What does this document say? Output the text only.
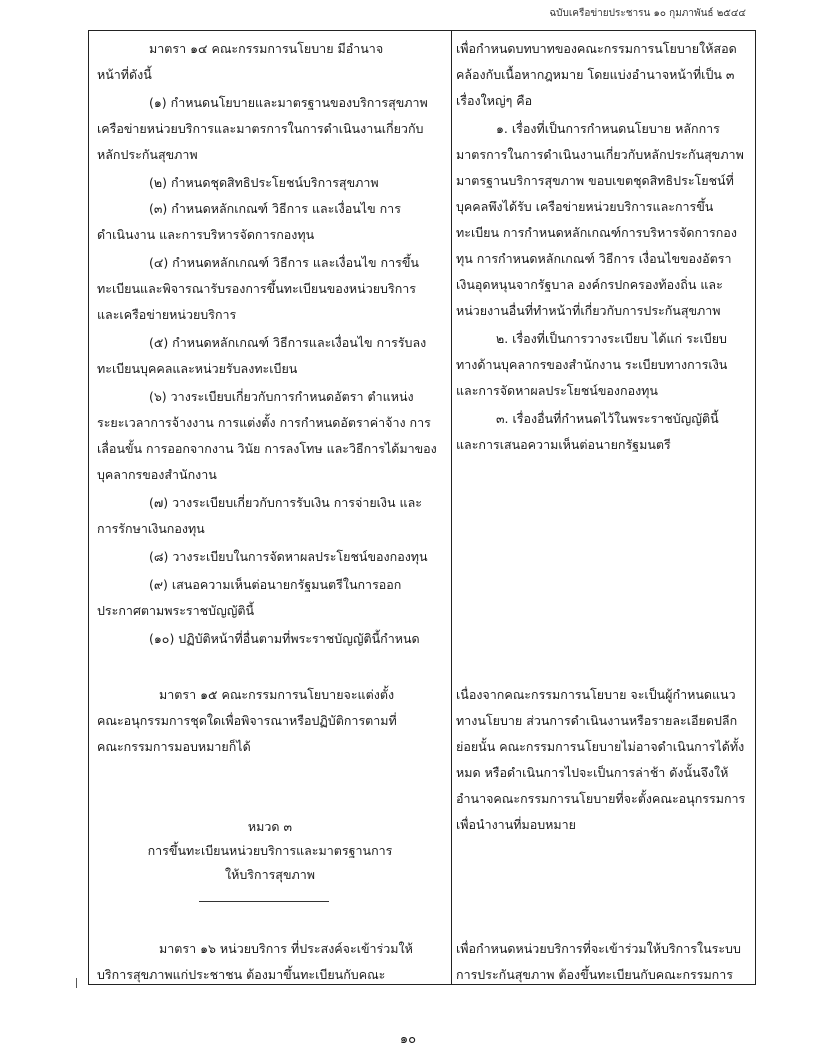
ฉบับเครือข่ายประชารน ๑๐ กุมภาพันธ์ ๒๕๔๔
มาตรา ๑๔ คณะกรรมการนโยบาย มีอำนาจ
หน้าที่ดังนี้
(๑) กำหนดนโยบายและมาตรฐานของบริการสุขภาพ
เครือข่ายหน่วยบริการและมาตรการในการดำเนินงานเกี่ยวกับ
หลักประกันสุขภาพ
(๒) กำหนดชุดสิทธิประโยชน์บริการสุขภาพ
(๓) กำหนดหลักเกณฑ์ วิธีการ และเงื่อนไข การ
ดำเนินงาน และการบริหารจัดการกองทุน
(๔) กำหนดหลักเกณฑ์ วิธีการ และเงื่อนไข การขึ้น
ทะเบียนและพิจารณารับรองการขึ้นทะเบียนของหน่วยบริการ
และเครือข่ายหน่วยบริการ
(๕) กำหนดหลักเกณฑ์ วิธีการและเงื่อนไข การรับลง
ทะเบียนบุคคลและหน่วยรับลงทะเบียน
(๖) วางระเบียบเกี่ยวกับการกำหนดอัตรา ตำแหน่ง
ระยะเวลาการจ้างงาน การแต่งตั้ง การกำหนดอัตราค่าจ้าง การ
เลื่อนขั้น การออกจากงาน วินัย การลงโทษ และวิธีการได้มาของ
บุคลากรของสำนักงาน
(๗) วางระเบียบเกี่ยวกับการรับเงิน การจ่ายเงิน และ
การรักษาเงินกองทุน
(๘) วางระเบียบในการจัดหาผลประโยชน์ของกองทุน
(๙) เสนอความเห็นต่อนายกรัฐมนตรีในการออก
ประกาศตามพระราชบัญญัตินี้
(๑๐) ปฏิบัติหน้าที่อื่นตามที่พระราชบัญญัตินี้กำหนด
มาตรา ๑๕ คณะกรรมการนโยบายจะแต่งตั้ง
คณะอนุกรรมการชุดใดเพื่อพิจารณาหรือปฏิบัติการตามที่
คณะกรรมการมอบหมายก็ได้
มาตรา ๑๖ หน่วยบริการ ที่ประสงค์จะเข้าร่วมให้
บริการสุขภาพแก่ประชาชน ต้องมาขึ้นทะเบียนกับคณะ
หมวด ๓
การขึ้นทะเบียนหน่วยบริการและมาตรฐานการ
ให้บริการสุขภาพ
เพื่อกำหนดบทบาทของคณะกรรมการนโยบายให้สอด
คล้องกับเนื้อหากฎหมาย โดยแบ่งอำนาจหน้าที่เป็น ๓
เรื่องใหญ่ๆ คือ
๑. เรื่องที่เป็นการกำหนดนโยบาย หลักการ
มาตรการในการดำเนินงานเกี่ยวกับหลักประกันสุขภาพ
มาตรฐานบริการสุขภาพ ขอบเขตชุดสิทธิประโยชน์ที่
บุคคลพึงได้รับ เครือข่ายหน่วยบริการและการขึ้น
ทะเบียน การกำหนดหลักเกณฑ์การบริหารจัดการกอง
ทุน การกำหนดหลักเกณฑ์ วิธีการ เงื่อนไขของอัตรา
เงินอุดหนุนจากรัฐบาล องค์กรปกครองท้องถิ่น และ
หน่วยงานอื่นที่ทำหน้าที่เกี่ยวกับการประกันสุขภาพ
๒. เรื่องที่เป็นการวางระเบียบ ได้แก่ ระเบียบ
ทางด้านบุคลากรของสำนักงาน ระเบียบทางการเงิน
และการจัดหาผลประโยชน์ของกองทุน
๓. เรื่องอื่นที่กำหนดไว้ในพระราชบัญญัตินี้
และการเสนอความเห็นต่อนายกรัฐมนตรี
เนื่องจากคณะกรรมการนโยบาย จะเป็นผู้กำหนดแนว
ทางนโยบาย ส่วนการดำเนินงานหรือรายละเอียดปลีก
ย่อยนั้น คณะกรรมการนโยบายไม่อาจดำเนินการได้ทั้ง
หมด หรือดำเนินการไปจะเป็นการล่าช้า ดังนั้นจึงให้
อำนาจคณะกรรมการนโยบายที่จะตั้งคณะอนุกรรมการ
เพื่อนำงานที่มอบหมาย
เพื่อกำหนดหน่วยบริการที่จะเข้าร่วมให้บริการในระบบ
การประกันสุขภาพ ต้องขึ้นทะเบียนกับคณะกรรมการ
๑๐
